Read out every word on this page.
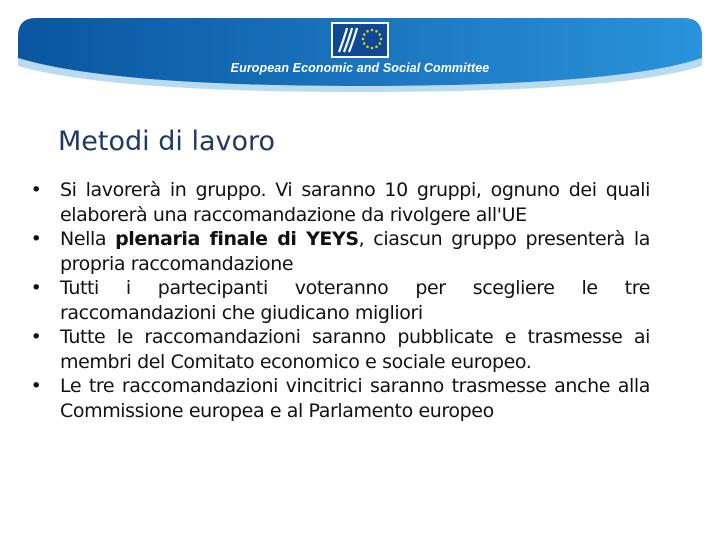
European Economic and Social Committee
Metodi di lavoro
• Si lavorerà in gruppo. Vi saranno 10 gruppi, ognuno dei quali elaborerà una raccomandazione da rivolgere all'UE
• Nella plenaria finale di YEYS, ciascun gruppo presenterà la propria raccomandazione
• Tutti i partecipanti voteranno per scegliere le tre raccomandazioni che giudicano migliori
• Tutte le raccomandazioni saranno pubblicate e trasmesse ai membri del Comitato economico e sociale europeo.
• Le tre raccomandazioni vincitrici saranno trasmesse anche alla Commissione europea e al Parlamento europeo
